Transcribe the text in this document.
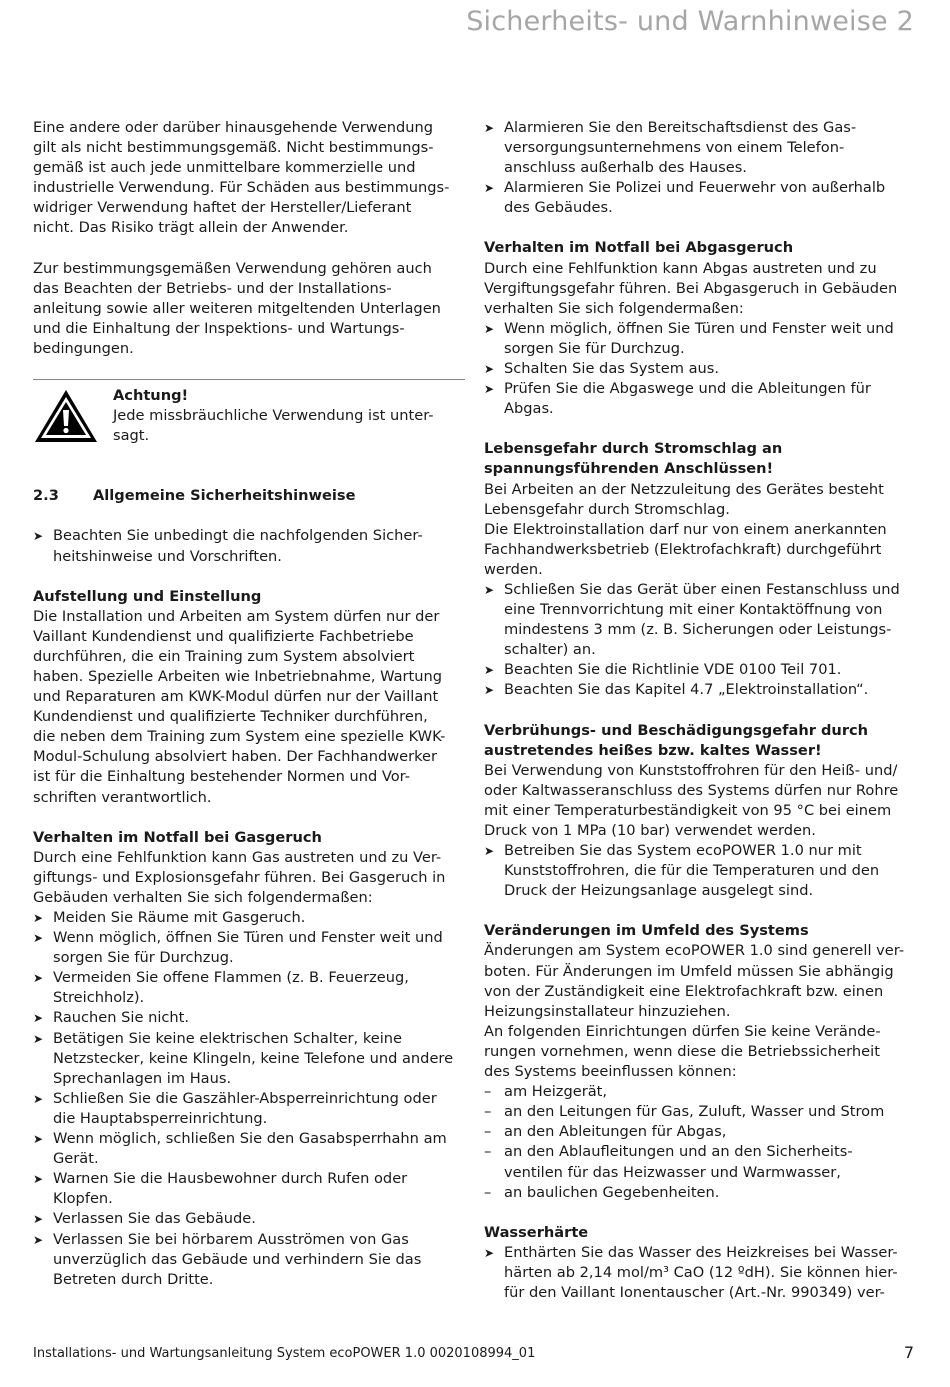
Sicherheits- und Warnhinweise 2

Eine andere oder darüber hinausgehende Verwendung
gilt als nicht bestimmungsgemäß. Nicht bestimmungs-
gemäß ist auch jede unmittelbare kommerzielle und
industrielle Verwendung. Für Schäden aus bestimmungs-
widriger Verwendung haftet der Hersteller/Lieferant
nicht. Das Risiko trägt allein der Anwender.

Zur bestimmungsgemäßen Verwendung gehören auch
das Beachten der Betriebs- und der Installations-
anleitung sowie aller weiteren mitgeltenden Unterlagen
und die Einhaltung der Inspektions- und Wartungs-
bedingungen.

Achtung!

Jede missbräuchliche Verwendung ist unter-
sagt.

2.3	Allgemeine Sicherheitshinweise
➤ Beachten Sie unbedingt die nachfolgenden Sicher-
heitshinweise und Vorschriften.
Aufstellung und Einstellung

Die Installation und Arbeiten am System dürfen nur der
Vaillant Kundendienst und qualifizierte Fachbetriebe
durchführen, die ein Training zum System absolviert
haben. Spezielle Arbeiten wie Inbetriebnahme, Wartung
und Reparaturen am KWK-Modul dürfen nur der Vaillant
Kundendienst und qualifizierte Techniker durchführen,
die neben dem Training zum System eine spezielle KWK-
Modul-Schulung absolviert haben. Der Fachhandwerker
ist für die Einhaltung bestehender Normen und Vor-
schriften verantwortlich.

Verhalten im Notfall bei Gasgeruch

Durch eine Fehlfunktion kann Gas austreten und zu Ver-
giftungs- und Explosionsgefahr führen. Bei Gasgeruch in
Gebäuden verhalten Sie sich folgendermaßen:

➤ Meiden Sie Räume mit Gasgeruch.
➤ Wenn möglich, öffnen Sie Türen und Fenster weit und
sorgen Sie für Durchzug.
➤ Vermeiden Sie offene Flammen (z. B. Feuerzeug,
Streichholz).
➤ Rauchen Sie nicht.
➤ Betätigen Sie keine elektrischen Schalter, keine
Netzstecker, keine Klingeln, keine Telefone und andere
Sprechanlagen im Haus.
➤ Schließen Sie die Gaszähler-Absperreinrichtung oder
die Hauptabsperreinrichtung.
➤ Wenn möglich, schließen Sie den Gasabsperrhahn am
Gerät.
➤ Warnen Sie die Hausbewohner durch Rufen oder
Klopfen.
➤ Verlassen Sie das Gebäude.
➤ Verlassen Sie bei hörbarem Ausströmen von Gas
unverzüglich das Gebäude und verhindern Sie das
Betreten durch Dritte.
➤ Alarmieren Sie den Bereitschaftsdienst des Gas-
versorgungsunternehmens von einem Telefon-
anschluss außerhalb des Hauses.
➤ Alarmieren Sie Polizei und Feuerwehr von außerhalb
des Gebäudes.
Verhalten im Notfall bei Abgasgeruch

Durch eine Fehlfunktion kann Abgas austreten und zu
Vergiftungsgefahr führen. Bei Abgasgeruch in Gebäuden
verhalten Sie sich folgendermaßen:

➤ Wenn möglich, öffnen Sie Türen und Fenster weit und
sorgen Sie für Durchzug.
➤ Schalten Sie das System aus.
➤ Prüfen Sie die Abgaswege und die Ableitungen für
Abgas.
Lebensgefahr durch Stromschlag an
spannungsführenden Anschlüssen!

Bei Arbeiten an der Netzzuleitung des Gerätes besteht
Lebensgefahr durch Stromschlag.
Die Elektroinstallation darf nur von einem anerkannten
Fachhandwerksbetrieb (Elektrofachkraft) durchgeführt
werden.

➤ Schließen Sie das Gerät über einen Festanschluss und
eine Trennvorrichtung mit einer Kontaktöffnung von
mindestens 3 mm (z. B. Sicherungen oder Leistungs-
schalter) an.
➤ Beachten Sie die Richtlinie VDE 0100 Teil 701.
➤ Beachten Sie das Kapitel 4.7 „Elektroinstallation“.
Verbrühungs- und Beschädigungsgefahr durch
austretendes heißes bzw. kaltes Wasser!

Bei Verwendung von Kunststoffrohren für den Heiß- und/
oder Kaltwasseranschluss des Systems dürfen nur Rohre
mit einer Temperaturbeständigkeit von 95 °C bei einem
Druck von 1 MPa (10 bar) verwendet werden.

➤ Betreiben Sie das System ecoPOWER 1.0 nur mit
Kunststoffrohren, die für die Temperaturen und den
Druck der Heizungsanlage ausgelegt sind.
Veränderungen im Umfeld des Systems

Änderungen am System ecoPOWER 1.0 sind generell ver-
boten. Für Änderungen im Umfeld müssen Sie abhängig
von der Zuständigkeit eine Elektrofachkraft bzw. einen
Heizungsinstallateur hinzuziehen.
An folgenden Einrichtungen dürfen Sie keine Verände-
rungen vornehmen, wenn diese die Betriebssicherheit
des Systems beeinflussen können:

– am Heizgerät,
– an den Leitungen für Gas, Zuluft, Wasser und Strom
– an den Ableitungen für Abgas,
– an den Ablaufleitungen und an den Sicherheits-
ventilen für das Heizwasser und Warmwasser,
– an baulichen Gegebenheiten.
Wasserhärte
➤ Enthärten Sie das Wasser des Heizkreises bei Wasser-
härten ab 2,14 mol/m³ CaO (12 ºdH). Sie können hier-
für den Vaillant Ionentauscher (Art.-Nr. 990349) ver-
Installations- und Wartungsanleitung System ecoPOWER 1.0 0020108994_01	7
